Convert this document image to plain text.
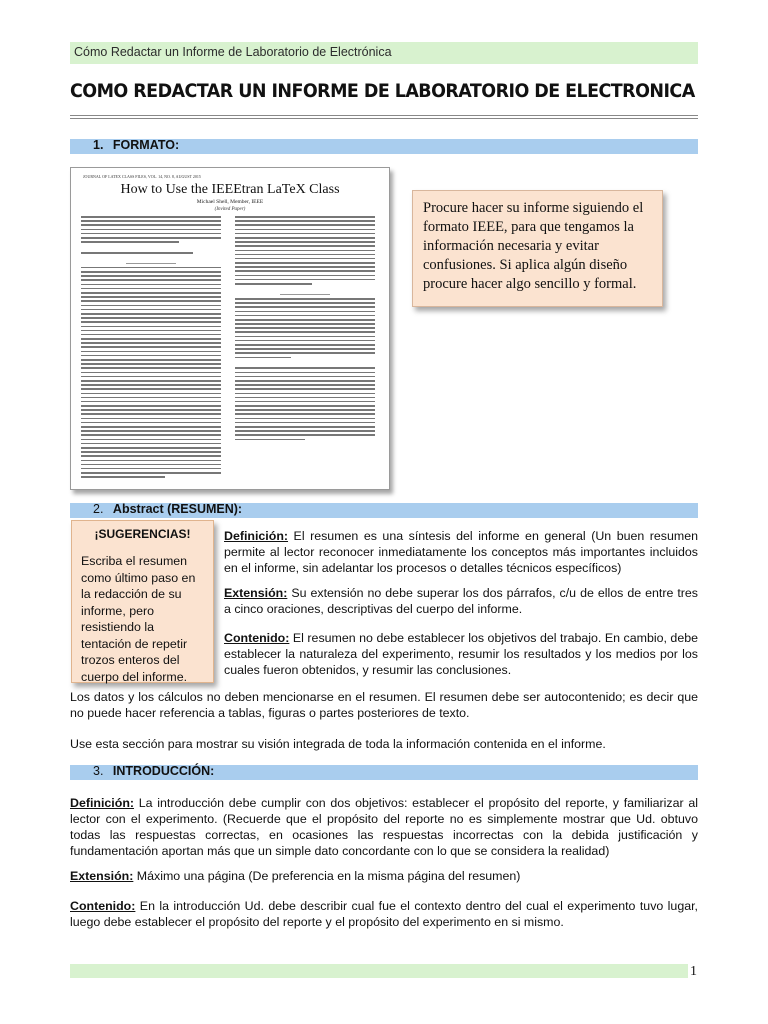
Cómo Redactar un Informe de Laboratorio de Electrónica
COMO REDACTAR UN INFORME DE LABORATORIO DE ELECTRONICA
1. FORMATO:
JOURNAL OF LATEX CLASS FILES, VOL. 14, NO. 8, AUGUST 2015
How to Use the IEEEtran LaTeX Class
Michael Shell, Member, IEEE
(Invited Paper)	Procure hacer su informe siguiendo el formato IEEE, para que tengamos la información necesaria y evitar confusiones. Si aplica algún diseño procure hacer algo sencillo y formal.
2. Abstract (RESUMEN):
¡SUGERENCIAS!
Escriba el resumen como último paso en la redacción de su informe, pero resistiendo la tentación de repetir trozos enteros del cuerpo del informe.
Definición: El resumen es una síntesis del informe en general (Un buen resumen permite al lector reconocer inmediatamente los conceptos más importantes incluidos en el informe, sin adelantar los procesos o detalles técnicos específicos)
Extensión: Su extensión no debe superar los dos párrafos, c/u de ellos de entre tres a cinco oraciones, descriptivas del cuerpo del informe.
Contenido: El resumen no debe establecer los objetivos del trabajo. En cambio, debe establecer la naturaleza del experimento, resumir los resultados y los medios por los cuales fueron obtenidos, y resumir las conclusiones.
Los datos y los cálculos no deben mencionarse en el resumen. El resumen debe ser autocontenido; es decir que no puede hacer referencia a tablas, figuras o partes posteriores de texto.
Use esta sección para mostrar su visión integrada de toda la información contenida en el informe.
3. INTRODUCCIÓN:
Definición: La introducción debe cumplir con dos objetivos: establecer el propósito del reporte, y familiarizar al lector con el experimento. (Recuerde que el propósito del reporte no es simplemente mostrar que Ud. obtuvo todas las respuestas correctas, en ocasiones las respuestas incorrectas con la debida justificación y fundamentación aportan más que un simple dato concordante con lo que se considera la realidad)
Extensión: Máximo una página (De preferencia en la misma página del resumen)
Contenido: En la introducción Ud. debe describir cual fue el contexto dentro del cual el experimento tuvo lugar, luego debe establecer el propósito del reporte y el propósito del experimento en si mismo.
1
